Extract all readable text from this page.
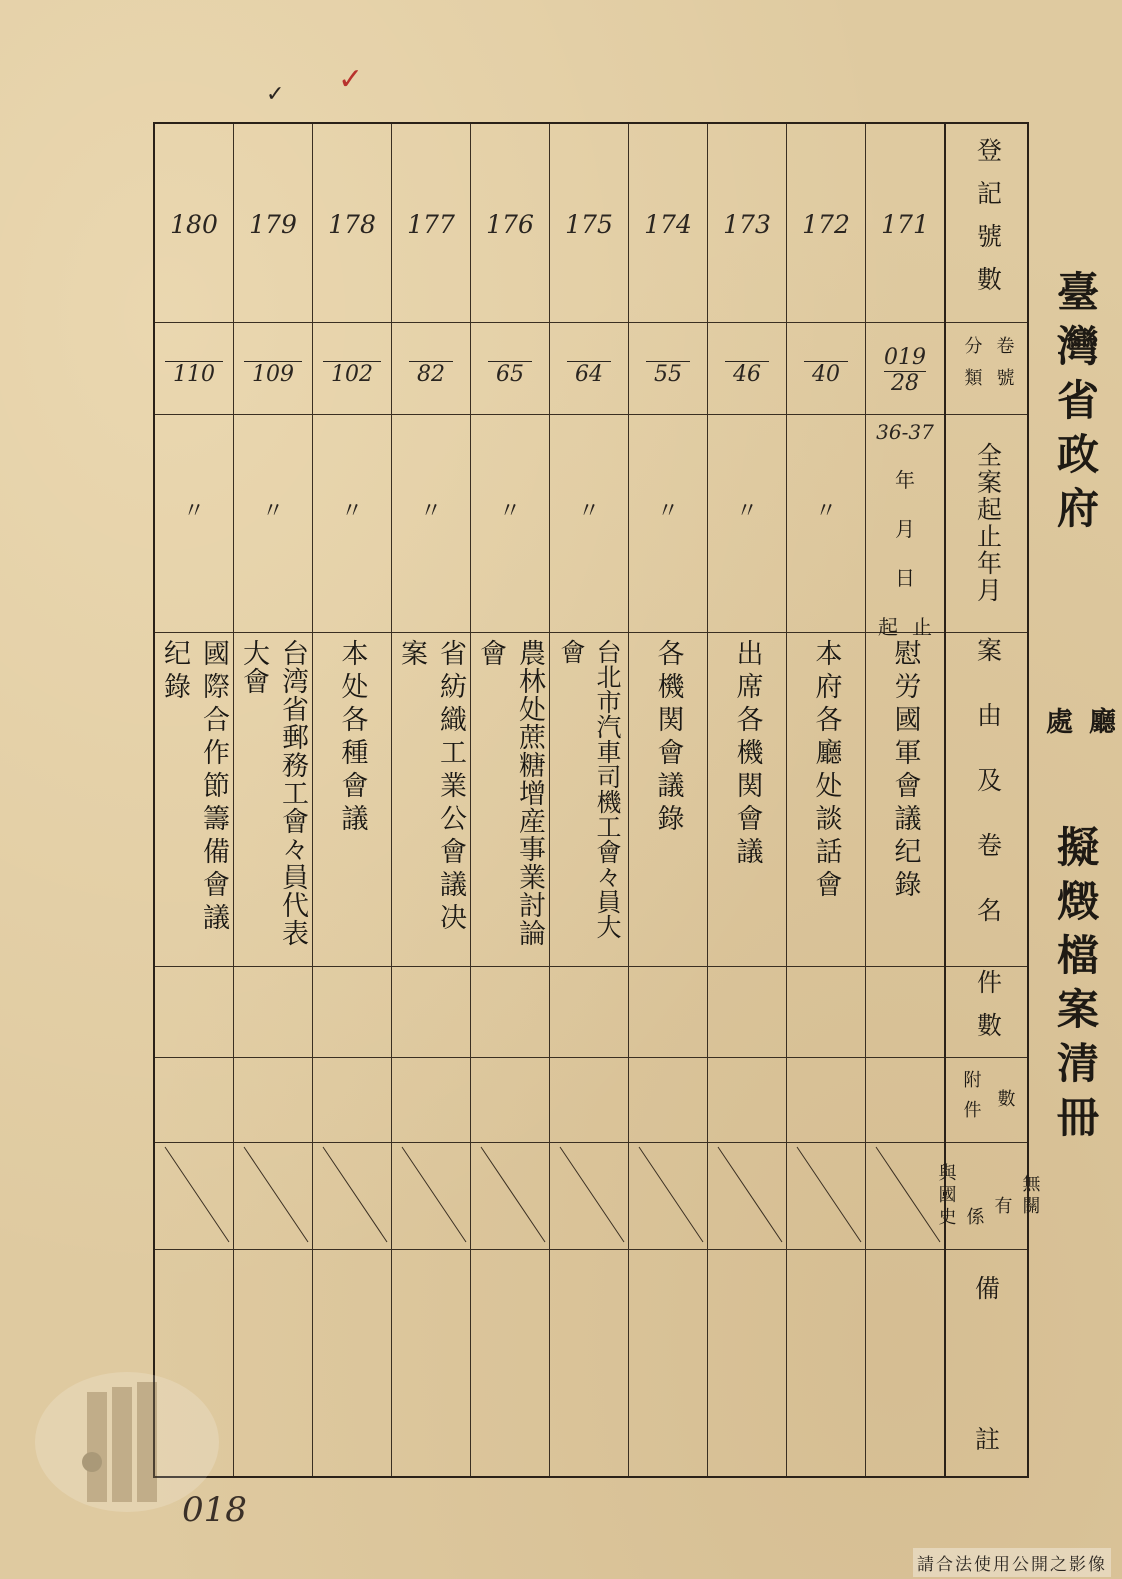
✓ ✓
臺灣省政府
廳
處
擬燬檔案清冊
登記號數
卷號
分類
全案起止年月
案由及卷名
件數
數
附件
無關
有
係
與國史
備
註
180
110
〃
國際合作節籌備會議纪錄
179
109
〃
台湾省郵務工會々員代表大會
178
102
〃
本处各種會議
177
82
〃
省紡織工業公會議决案
176
65
〃
農林处蔗糖增産事業討論會
175
64
〃
台北市汽車司機工會々員大會
174
55
〃
各機関會議錄
173
46
〃
出席各機関會議
172
40
〃
本府各廳处談話會
171
019
28
36-37
年
月
日
起 止
慰労國軍會議纪錄
018
請合法使用公開之影像
